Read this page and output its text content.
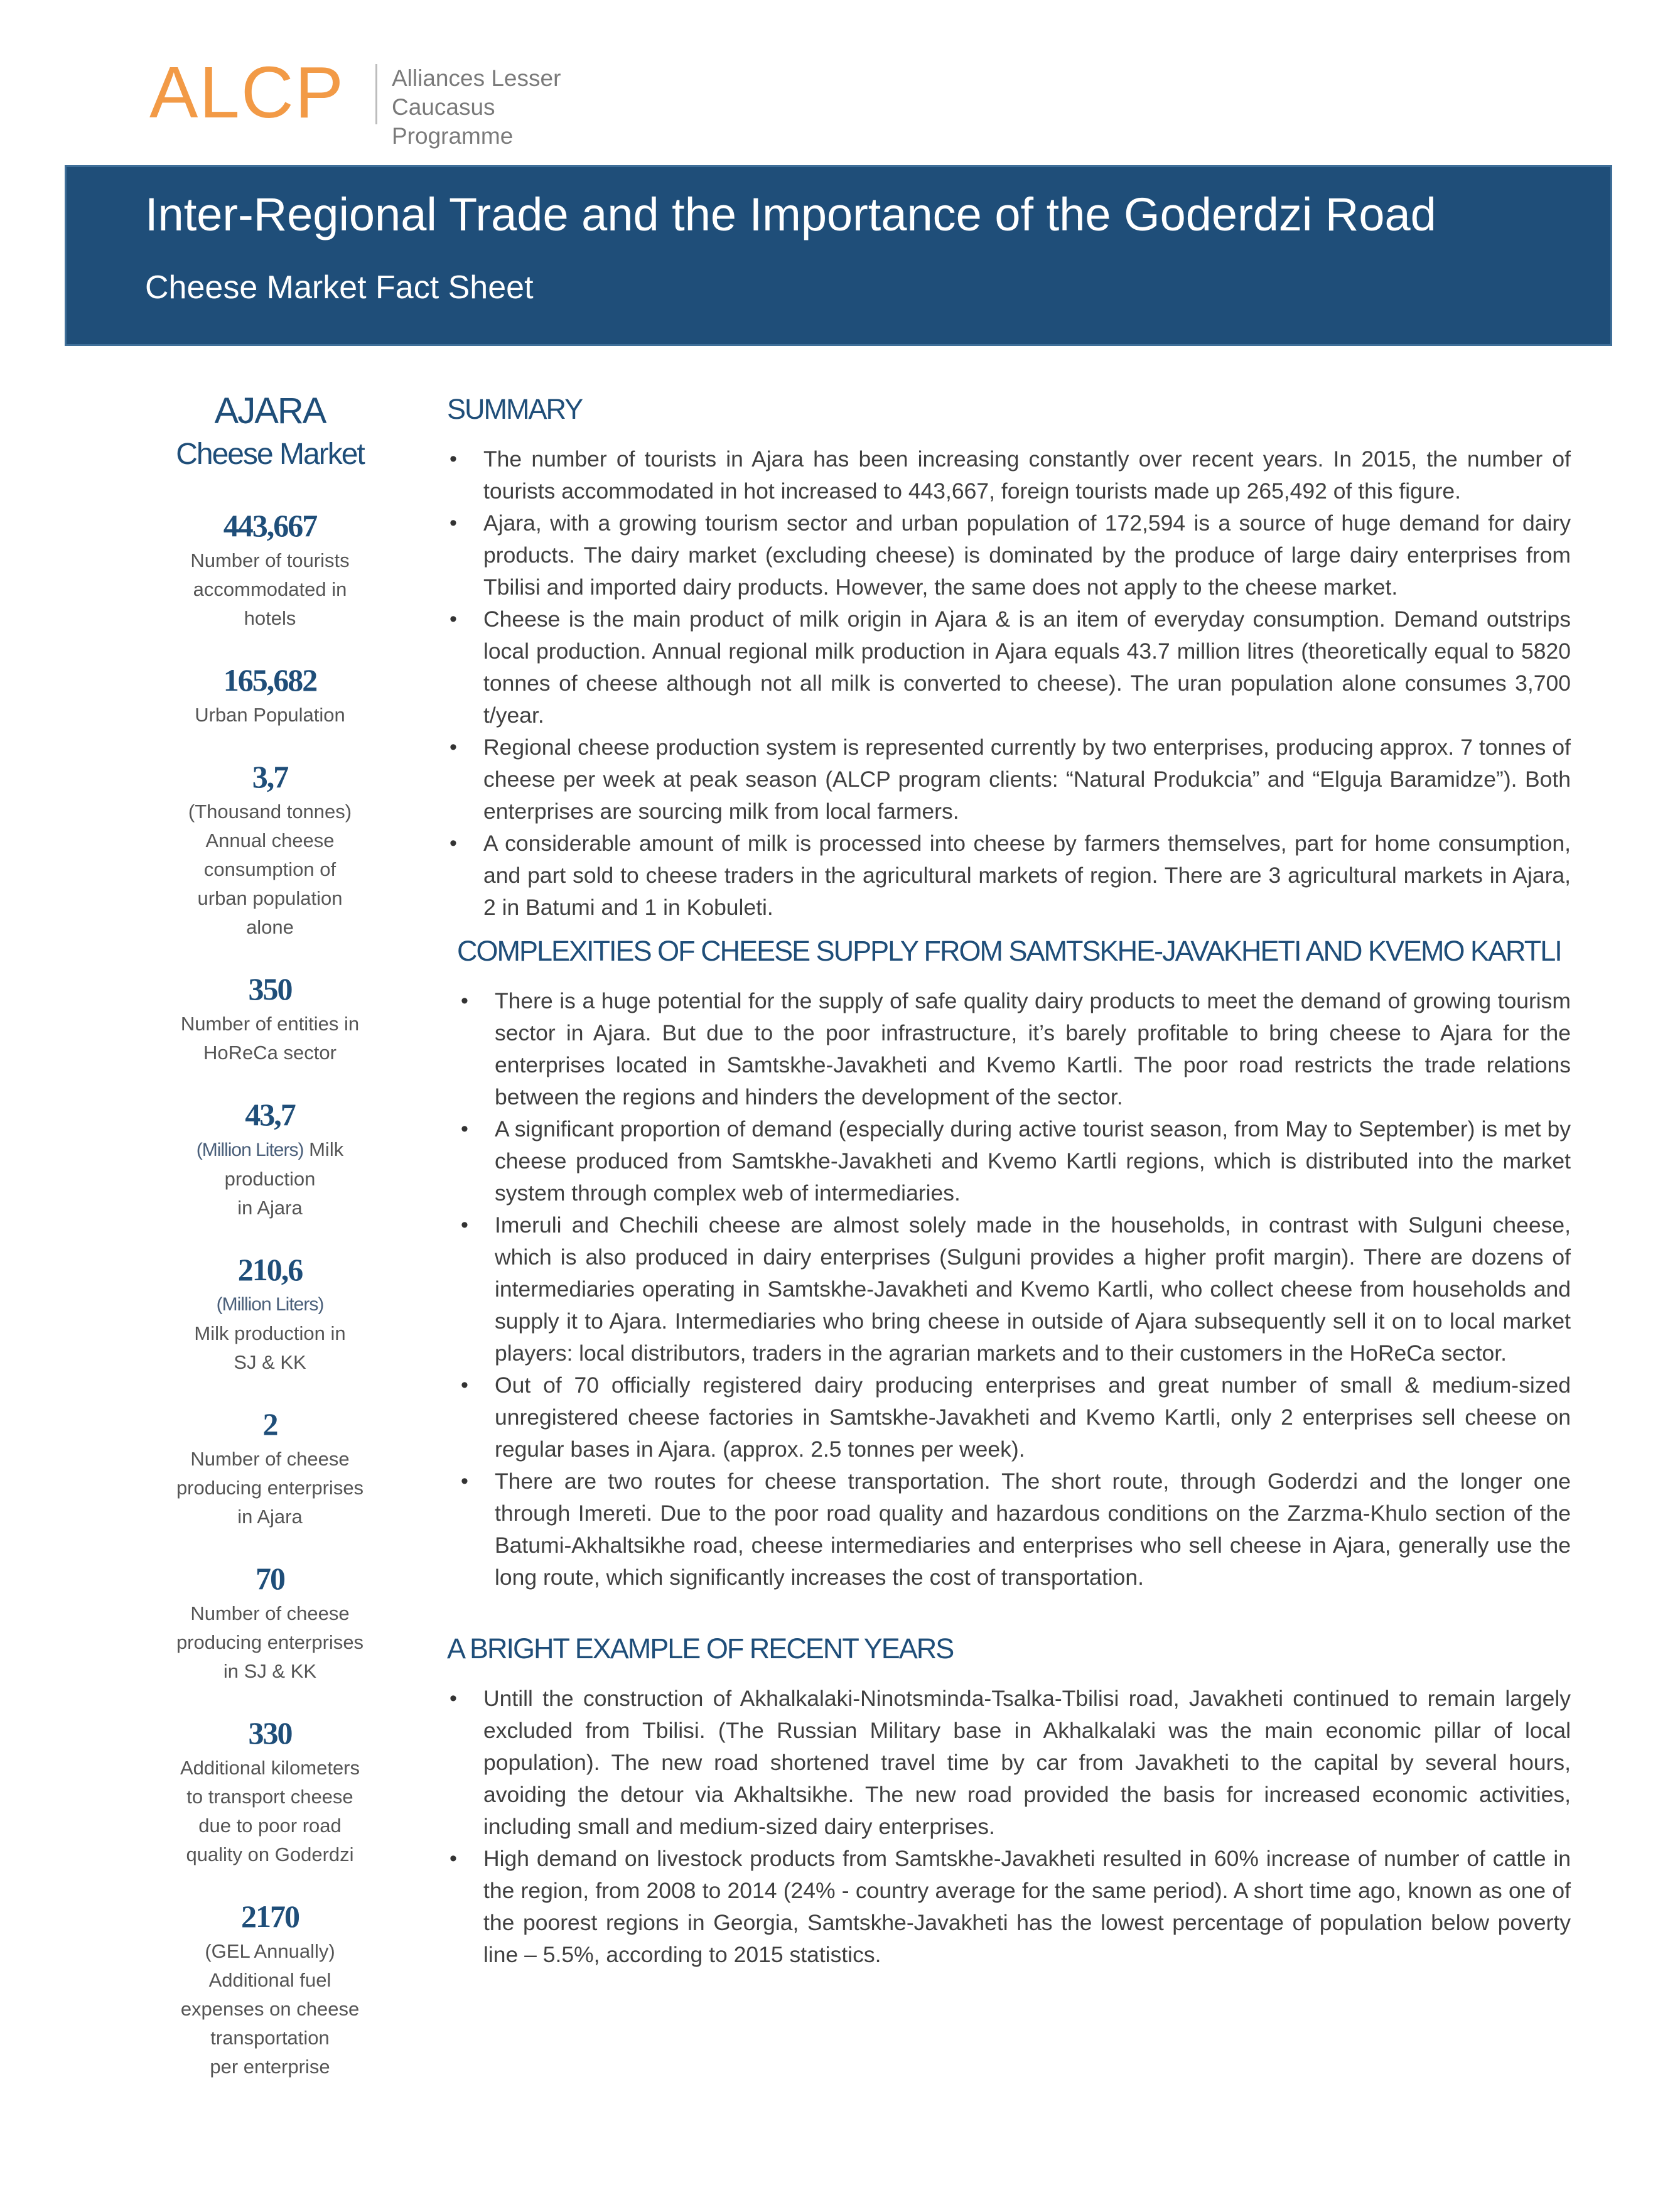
ALCP Alliances Lesser
Caucasus Programme
Inter-Regional Trade and the Importance of the Goderdzi Road
Cheese Market Fact Sheet
AJARA
Cheese Market
443,667
Number of tourists
accommodated in
hotels
165,682
Urban Population
3,7
(Thousand tonnes)
Annual cheese
consumption of
urban population
alone
350
Number of entities in
HoReCa sector
43,7
(Million Liters) Milk
production
in Ajara
210,6
(Million Liters)
Milk production in
SJ & KK
2
Number of cheese
producing enterprises
in Ajara
70
Number of cheese
producing enterprises
in SJ & KK
330
Additional kilometers
to transport cheese
due to poor road
quality on Goderdzi
2170
(GEL Annually)
Additional fuel
expenses on cheese
transportation
per enterprise
SUMMARY
• The number of tourists in Ajara has been increasing constantly over recent years. In 2015, the number of tourists accommodated in hot increased to 443,667, foreign tourists made up 265,492 of this figure.
• Ajara, with a growing tourism sector and urban population of 172,594 is a source of huge demand for dairy products. The dairy market (excluding cheese) is dominated by the produce of large dairy enterprises from Tbilisi and imported dairy products. However, the same does not apply to the cheese market.
• Cheese is the main product of milk origin in Ajara & is an item of everyday consumption. Demand outstrips local production. Annual regional milk production in Ajara equals 43.7 million litres (theoretically equal to 5820 tonnes of cheese although not all milk is converted to cheese). The uran population alone consumes 3,700 t/year.
• Regional cheese production system is represented currently by two enterprises, producing approx. 7 tonnes of cheese per week at peak season (ALCP program clients: “Natural Produkcia” and “Elguja Baramidze”). Both enterprises are sourcing milk from local farmers.
• A considerable amount of milk is processed into cheese by farmers themselves, part for home consumption, and part sold to cheese traders in the agricultural markets of region. There are 3 agricultural markets in Ajara, 2 in Batumi and 1 in Kobuleti.
COMPLEXITIES OF CHEESE SUPPLY FROM SAMTSKHE-JAVAKHETI AND KVEMO KARTLI
• There is a huge potential for the supply of safe quality dairy products to meet the demand of growing tourism sector in Ajara. But due to the poor infrastructure, it’s barely profitable to bring cheese to Ajara for the enterprises located in Samtskhe-Javakheti and Kvemo Kartli. The poor road restricts the trade relations between the regions and hinders the development of the sector.
• A significant proportion of demand (especially during active tourist season, from May to September) is met by cheese produced from Samtskhe-Javakheti and Kvemo Kartli regions, which is distributed into the market system through complex web of intermediaries.
• Imeruli and Chechili cheese are almost solely made in the households, in contrast with Sulguni cheese, which is also produced in dairy enterprises (Sulguni provides a higher profit margin). There are dozens of intermediaries operating in Samtskhe-Javakheti and Kvemo Kartli, who collect cheese from households and supply it to Ajara. Intermediaries who bring cheese in outside of Ajara subsequently sell it on to local market players: local distributors, traders in the agrarian markets and to their customers in the HoReCa sector.
• Out of 70 officially registered dairy producing enterprises and great number of small & medium-sized unregistered cheese factories in Samtskhe-Javakheti and Kvemo Kartli, only 2 enterprises sell cheese on regular bases in Ajara. (approx. 2.5 tonnes per week).
• There are two routes for cheese transportation. The short route, through Goderdzi and the longer one through Imereti. Due to the poor road quality and hazardous conditions on the Zarzma-Khulo section of the Batumi-Akhaltsikhe road, cheese intermediaries and enterprises who sell cheese in Ajara, generally use the long route, which significantly increases the cost of transportation.
A BRIGHT EXAMPLE OF RECENT YEARS
• Untill the construction of Akhalkalaki-Ninotsminda-Tsalka-Tbilisi road, Javakheti continued to remain largely excluded from Tbilisi. (The Russian Military base in Akhalkalaki was the main economic pillar of local population). The new road shortened travel time by car from Javakheti to the capital by several hours, avoiding the detour via Akhaltsikhe. The new road provided the basis for increased economic activities, including small and medium-sized dairy enterprises.
• High demand on livestock products from Samtskhe-Javakheti resulted in 60% increase of number of cattle in the region, from 2008 to 2014 (24% - country average for the same period). A short time ago, known as one of the poorest regions in Georgia, Samtskhe-Javakheti has the lowest percentage of population below poverty line – 5.5%, according to 2015 statistics.
